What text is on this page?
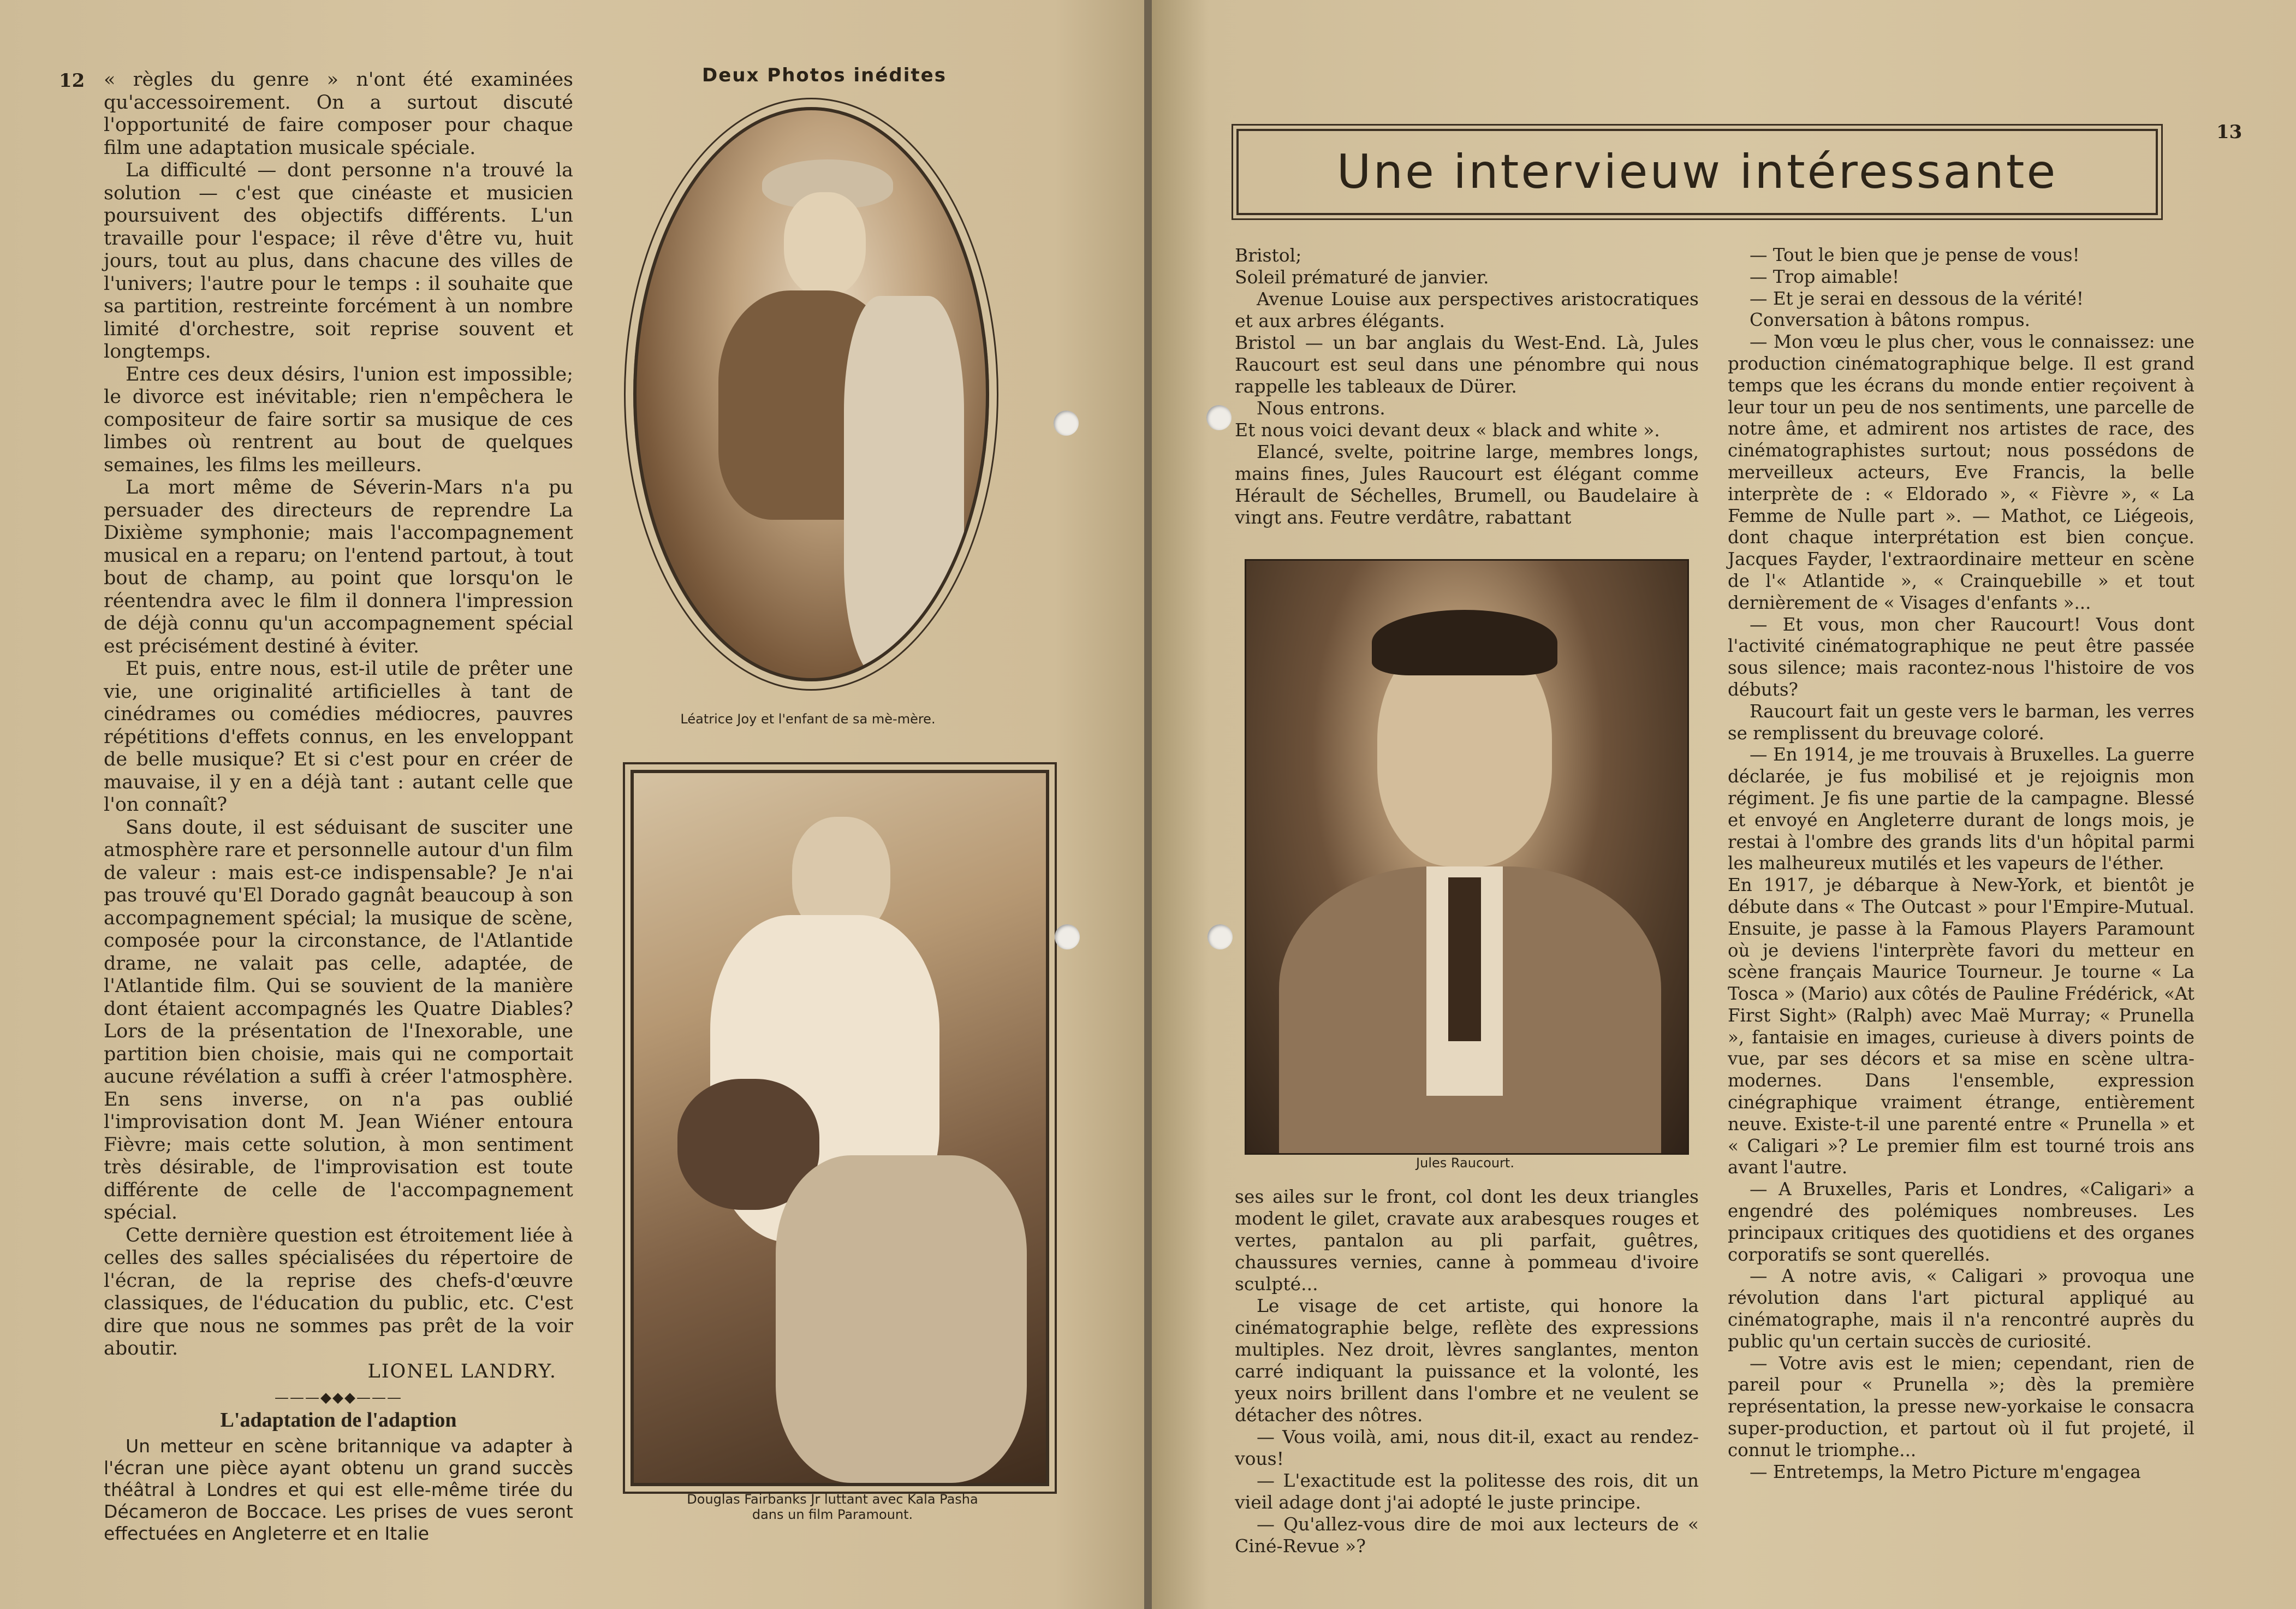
12 « règles du genre » n'ont été examinées qu'accessoirement. On a surtout discuté l'opportunité de faire composer pour chaque film une adaptation musicale spéciale.

La difficulté — dont personne n'a trouvé la solution — c'est que cinéaste et musicien poursuivent des objectifs différents. L'un travaille pour l'espace; il rêve d'être vu, huit jours, tout au plus, dans chacune des villes de l'univers; l'autre pour le temps : il souhaite que sa partition, restreinte forcément à un nombre limité d'orchestre, soit reprise souvent et longtemps.

Entre ces deux désirs, l'union est impossible; le divorce est inévitable; rien n'empêchera le compositeur de faire sortir sa musique de ces limbes où rentrent au bout de quelques semaines, les films les meilleurs.

La mort même de Séverin-Mars n'a pu persuader des directeurs de reprendre La Dixième symphonie; mais l'accompagnement musical en a reparu; on l'entend partout, à tout bout de champ, au point que lorsqu'on le réentendra avec le film il donnera l'impression de déjà connu qu'un accompagnement spécial est précisément destiné à éviter.

Et puis, entre nous, est-il utile de prêter une vie, une originalité artificielles à tant de cinédrames ou comédies médiocres, pauvres répétitions d'effets connus, en les enveloppant de belle musique? Et si c'est pour en créer de mauvaise, il y en a déjà tant : autant celle que l'on connaît?

Sans doute, il est séduisant de susciter une atmosphère rare et personnelle autour d'un film de valeur : mais est-ce indispensable? Je n'ai pas trouvé qu'El Dorado gagnât beaucoup à son accompagnement spécial; la musique de scène, composée pour la circonstance, de l'Atlantide drame, ne valait pas celle, adaptée, de l'Atlantide film. Qui se souvient de la manière dont étaient accompagnés les Quatre Diables? Lors de la présentation de l'Inexorable, une partition bien choisie, mais qui ne comportait aucune révélation a suffi à créer l'atmosphère. En sens inverse, on n'a pas oublié l'improvisation dont M. Jean Wiéner entoura Fièvre; mais cette solution, à mon sentiment très désirable, de l'improvisation est toute différente de celle de l'accompagnement spécial.

Cette dernière question est étroitement liée à celles des salles spécialisées du répertoire de l'écran, de la reprise des chefs-d'œuvre classiques, de l'éducation du public, etc. C'est dire que nous ne sommes pas prêt de la voir aboutir.

LIONEL LANDRY.
———◆◆◆———
L'adaptation de l'adaption

Un metteur en scène britannique va adapter à l'écran une pièce ayant obtenu un grand succès théâtral à Londres et qui est elle-même tirée du Décameron de Boccace. Les prises de vues seront effectuées en Angleterre et en Italie

Deux Photos inédites
Léatrice Joy et l'enfant de sa mè-mère.
Douglas Fairbanks Jr luttant avec Kala Pasha
dans un film Paramount.
13
Une intervieuw intéressante

Bristol;

Soleil prématuré de janvier.

Avenue Louise aux perspectives aristocratiques et aux arbres élégants.

Bristol — un bar anglais du West-End. Là, Jules Raucourt est seul dans une pénombre qui nous rappelle les tableaux de Dürer.

Nous entrons.

Et nous voici devant deux « black and white ».

Elancé, svelte, poitrine large, membres longs, mains fines, Jules Raucourt est élégant comme Hérault de Séchelles, Brumell, ou Baudelaire à vingt ans. Feutre verdâtre, rabattant

Jules Raucourt.

ses ailes sur le front, col dont les deux triangles modent le gilet, cravate aux arabesques rouges et vertes, pantalon au pli parfait, guêtres, chaussures vernies, canne à pommeau d'ivoire sculpté...

Le visage de cet artiste, qui honore la cinématographie belge, reflète des expressions multiples. Nez droit, lèvres sanglantes, menton carré indiquant la puissance et la volonté, les yeux noirs brillent dans l'ombre et ne veulent se détacher des nôtres.

— Vous voilà, ami, nous dit-il, exact au rendez-vous!

— L'exactitude est la politesse des rois, dit un vieil adage dont j'ai adopté le juste principe.

— Qu'allez-vous dire de moi aux lecteurs de « Ciné-Revue »?

— Tout le bien que je pense de vous!

— Trop aimable!

— Et je serai en dessous de la vérité!

Conversation à bâtons rompus.

— Mon vœu le plus cher, vous le connaissez: une production cinématographique belge. Il est grand temps que les écrans du monde entier reçoivent à leur tour un peu de nos sentiments, une parcelle de notre âme, et admirent nos artistes de race, des cinématographistes surtout; nous possédons de merveilleux acteurs, Eve Francis, la belle interprète de : « Eldorado », « Fièvre », « La Femme de Nulle part ». — Mathot, ce Liégeois, dont chaque interprétation est bien conçue. Jacques Fayder, l'extraordinaire metteur en scène de l'« Atlantide », « Crainquebille » et tout dernièrement de « Visages d'enfants »...

— Et vous, mon cher Raucourt! Vous dont l'activité cinématographique ne peut être passée sous silence; mais racontez-nous l'histoire de vos débuts?

Raucourt fait un geste vers le barman, les verres se remplissent du breuvage coloré.

— En 1914, je me trouvais à Bruxelles. La guerre déclarée, je fus mobilisé et je rejoignis mon régiment. Je fis une partie de la campagne. Blessé et envoyé en Angleterre durant de longs mois, je restai à l'ombre des grands lits d'un hôpital parmi les malheureux mutilés et les vapeurs de l'éther.

En 1917, je débarque à New-York, et bientôt je débute dans « The Outcast » pour l'Empire-Mutual. Ensuite, je passe à la Famous Players Paramount où je deviens l'interprète favori du metteur en scène français Maurice Tourneur. Je tourne « La Tosca » (Mario) aux côtés de Pauline Frédérick, «At First Sight» (Ralph) avec Maë Murray; « Prunella », fantaisie en images, curieuse à divers points de vue, par ses décors et sa mise en scène ultra-modernes. Dans l'ensemble, expression cinégraphique vraiment étrange, entièrement neuve. Existe-t-il une parenté entre « Prunella » et « Caligari »? Le premier film est tourné trois ans avant l'autre.

— A Bruxelles, Paris et Londres, «Caligari» a engendré des polémiques nombreuses. Les principaux critiques des quotidiens et des organes corporatifs se sont querellés.

— A notre avis, « Caligari » provoqua une révolution dans l'art pictural appliqué au cinématographe, mais il n'a rencontré auprès du public qu'un certain succès de curiosité.

— Votre avis est le mien; cependant, rien de pareil pour « Prunella »; dès la première représentation, la presse new-yorkaise le consacra super-production, et partout où il fut projeté, il connut le triomphe...

— Entretemps, la Metro Picture m'engagea
